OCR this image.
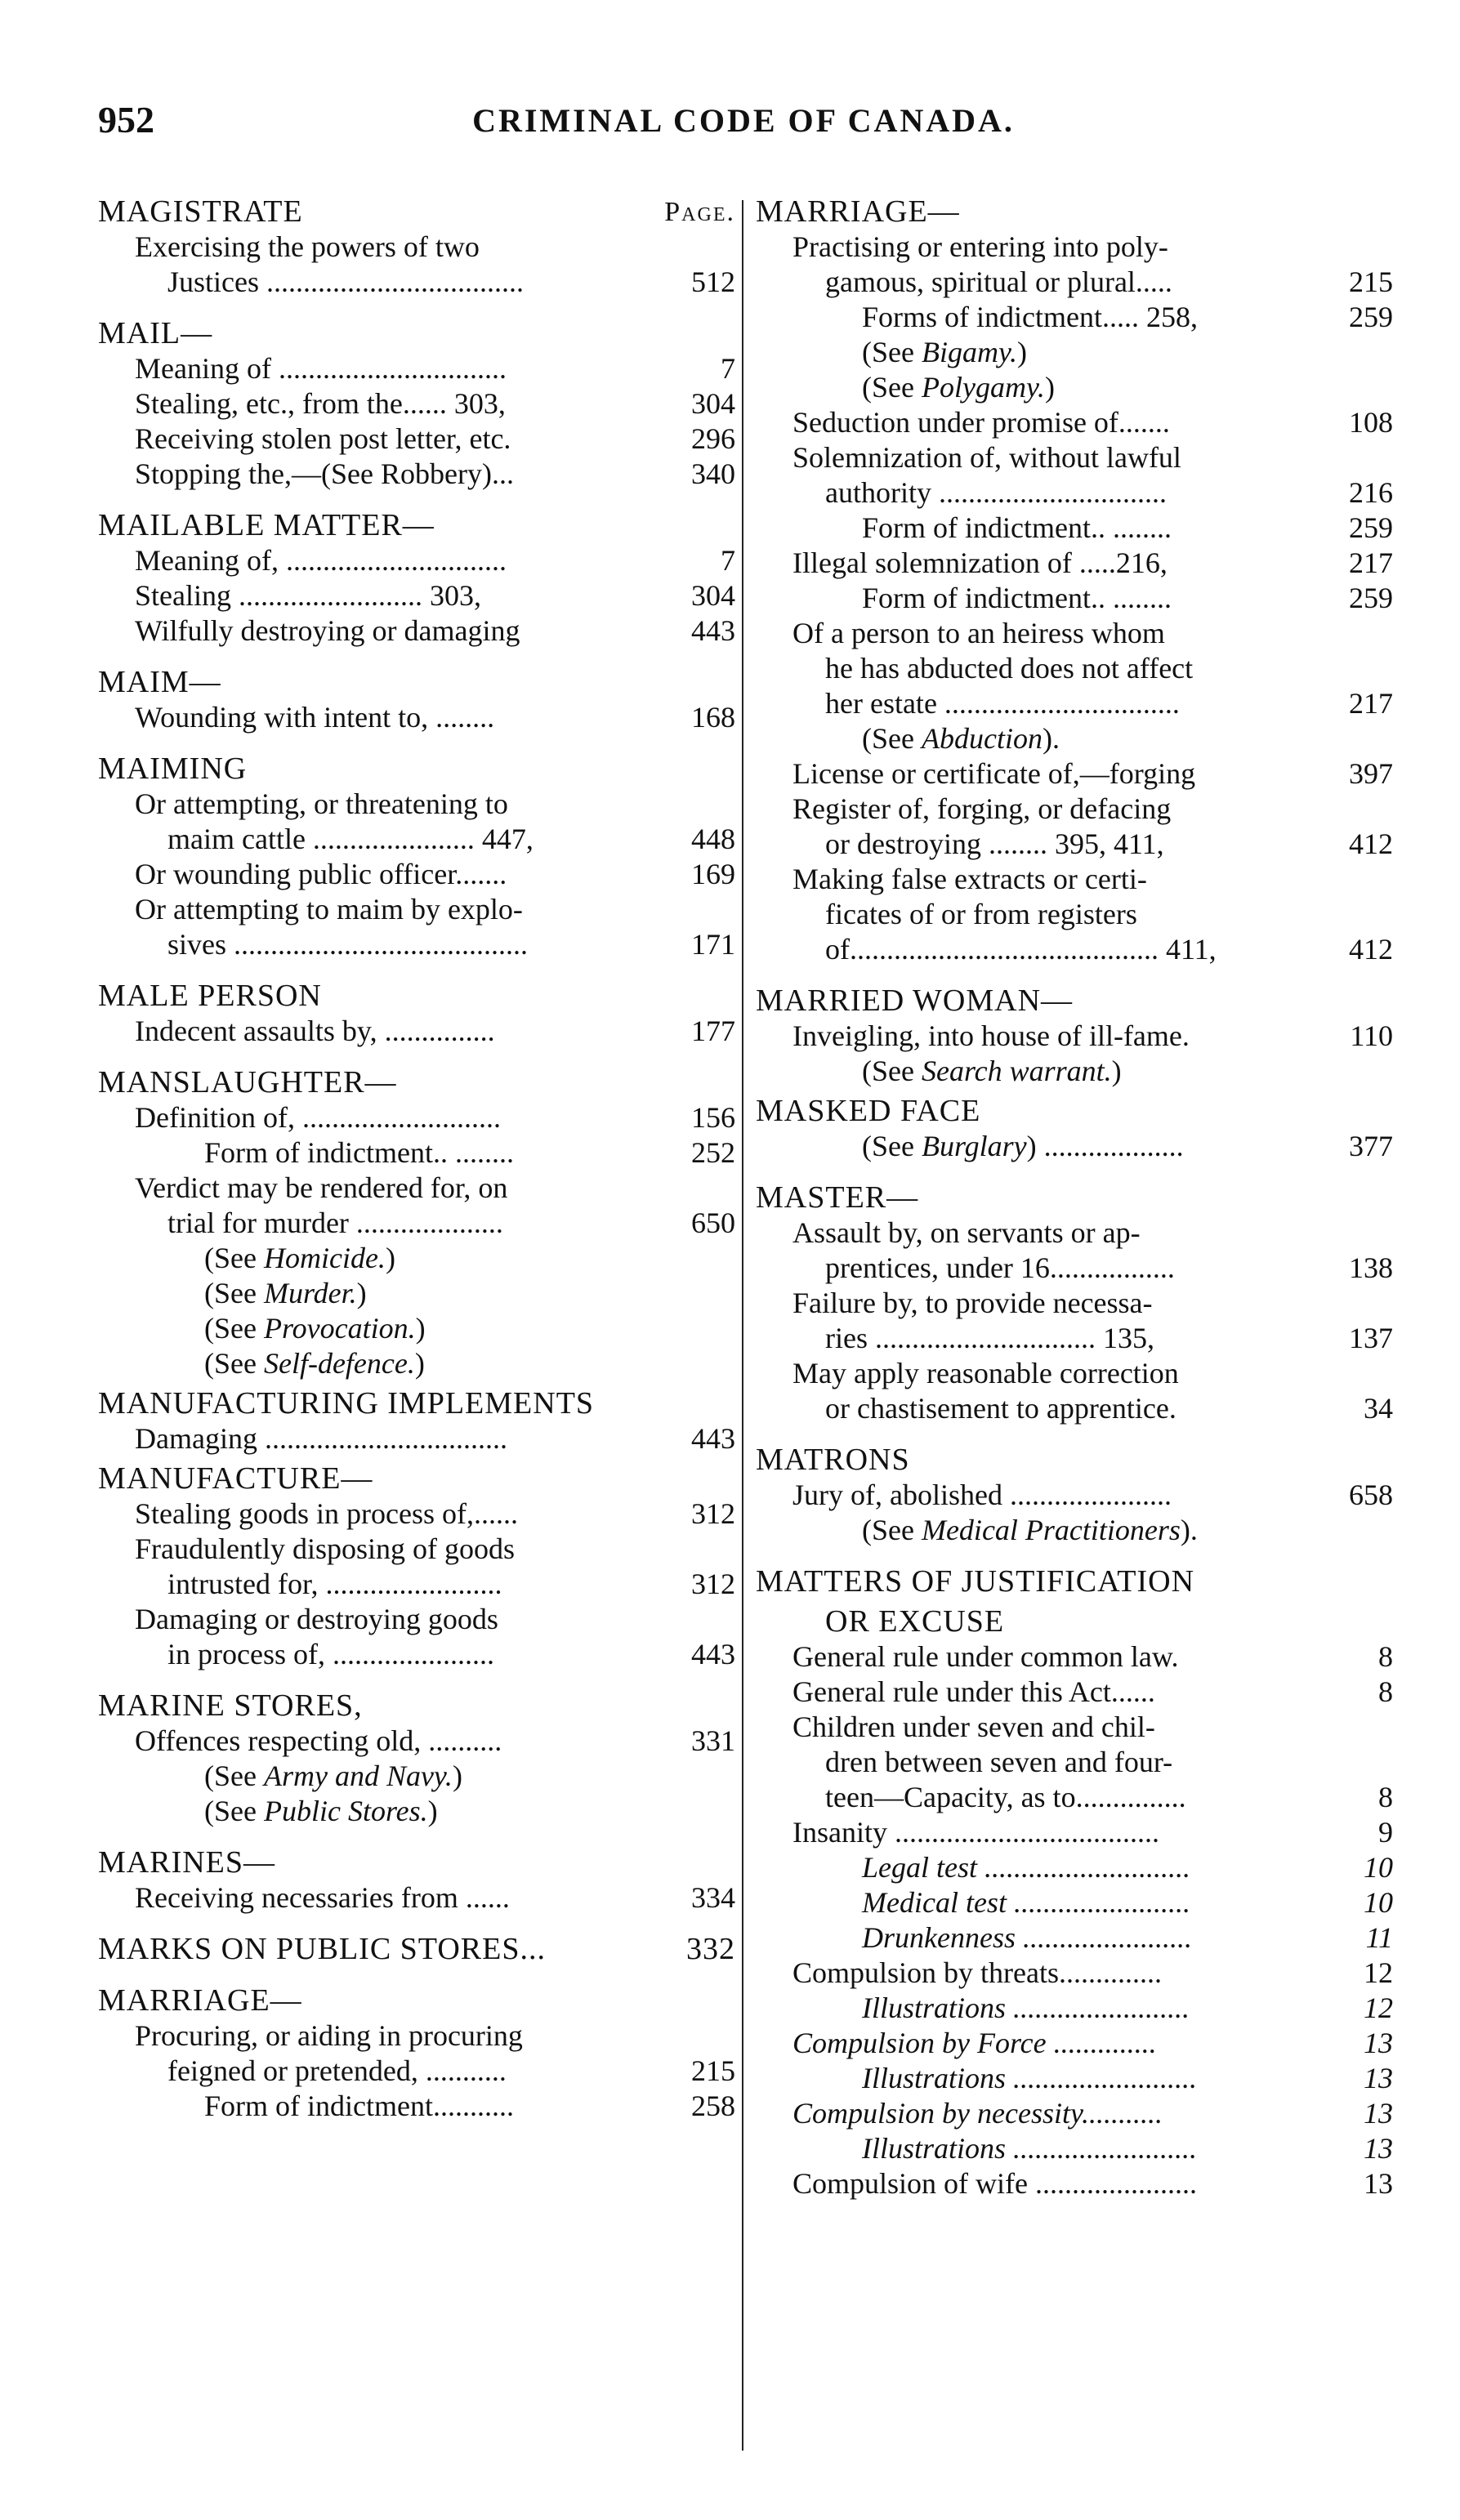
952	CRIMINAL CODE OF CANADA.
MAGISTRATE	Page.
Exercising the powers of two
Justices ...................................	512
MAIL—
Meaning of ...............................	7
Stealing, etc., from the...... 303,	304
Receiving stolen post letter, etc.	296
Stopping the,—(See Robbery)...	340
MAILABLE MATTER—
Meaning of, ..............................	7
Stealing ......................... 303,	304
Wilfully destroying or damaging	443
MAIM—
Wounding with intent to, ........	168
MAIMING
Or attempting, or threatening to
maim cattle ...................... 447,	448
Or wounding public officer.......	169
Or attempting to maim by explo-
sives ........................................	171
MALE PERSON
Indecent assaults by, ...............	177
MANSLAUGHTER—
Definition of, ...........................	156
Form of indictment.. ........	252
Verdict may be rendered for, on
trial for murder ....................	650
(See Homicide.)
(See Murder.)
(See Provocation.)
(See Self-defence.)
MANUFACTURING IMPLEMENTS
Damaging .................................	443
MANUFACTURE—
Stealing goods in process of,......	312
Fraudulently disposing of goods
intrusted for, ........................	312
Damaging or destroying goods
in process of, ......................	443
MARINE STORES,
Offences respecting old, ..........	331
(See Army and Navy.)
(See Public Stores.)
MARINES—
Receiving necessaries from ......	334
MARKS ON PUBLIC STORES...	332
MARRIAGE—
Procuring, or aiding in procuring
feigned or pretended, ...........	215
Form of indictment...........	258
MARRIAGE—
Practising or entering into poly-
gamous, spiritual or plural.....	215
Forms of indictment..... 258,	259
(See Bigamy.)
(See Polygamy.)
Seduction under promise of.......	108
Solemnization of, without lawful
authority ...............................	216
Form of indictment.. ........	259
Illegal solemnization of .....216,	217
Form of indictment.. ........	259
Of a person to an heiress whom
he has abducted does not affect
her estate ................................	217
(See Abduction).
License or certificate of,—forging	397
Register of, forging, or defacing
or destroying ........ 395, 411,	412
Making false extracts or certi-
ficates of or from registers
of.......................................... 411,	412
MARRIED WOMAN—
Inveigling, into house of ill-fame.	110
(See Search warrant.)
MASKED FACE
(See Burglary) ...................	377
MASTER—
Assault by, on servants or ap-
prentices, under 16.................	138
Failure by, to provide necessa-
ries .............................. 135,	137
May apply reasonable correction
or chastisement to apprentice.	34
MATRONS
Jury of, abolished ......................	658
(See Medical Practitioners).
MATTERS OF JUSTIFICATION
OR EXCUSE
General rule under common law.	8
General rule under this Act......	8
Children under seven and chil-
dren between seven and four-
teen—Capacity, as to...............	8
Insanity ....................................	9
Legal test ............................	10
Medical test ........................	10
Drunkenness .......................	11
Compulsion by threats..............	12
Illustrations ........................	12
Compulsion by Force ..............	13
Illustrations .........................	13
Compulsion by necessity...........	13
Illustrations .........................	13
Compulsion of wife ......................	13
